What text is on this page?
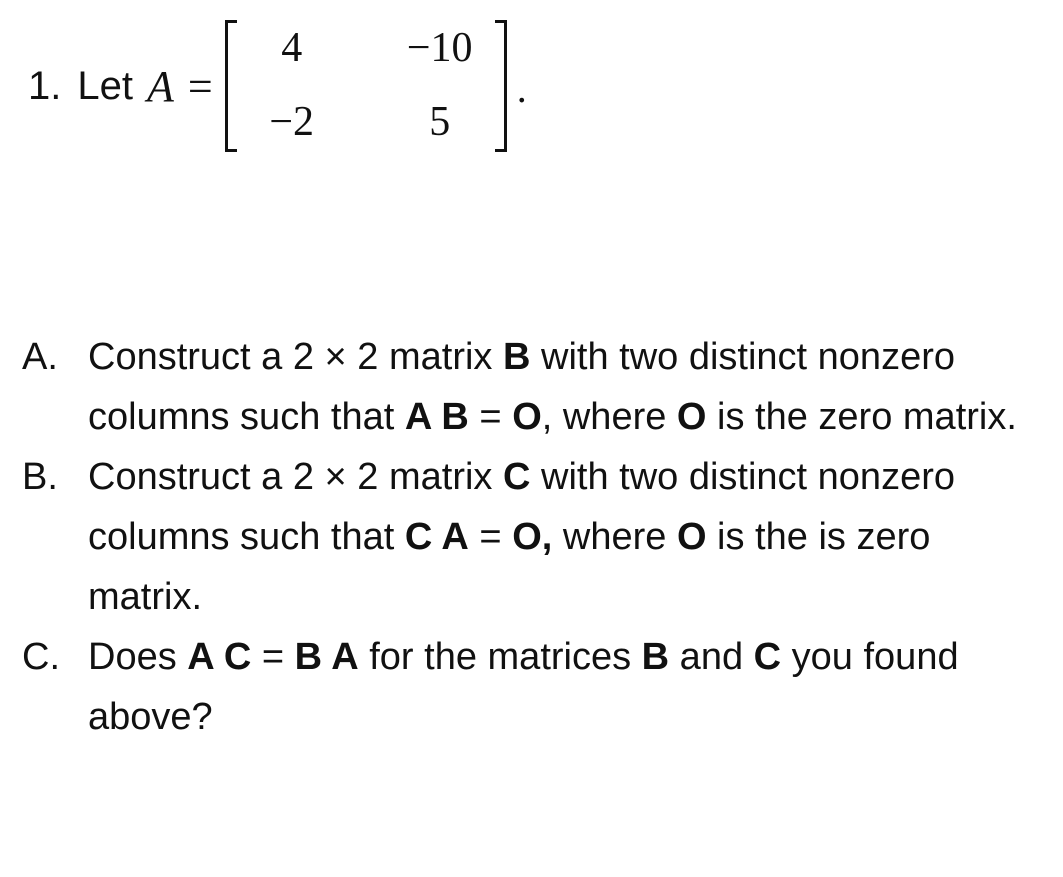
1. Let A =
4	−10
−2	5
.

A. Construct a 2 × 2 matrix B with two distinct nonzero columns such that A B = O, where O is the zero matrix.

B. Construct a 2 × 2 matrix C with two distinct nonzero columns such that C A = O, where O is the is zero matrix.

C. Does A C = B A for the matrices B and C you found above?
